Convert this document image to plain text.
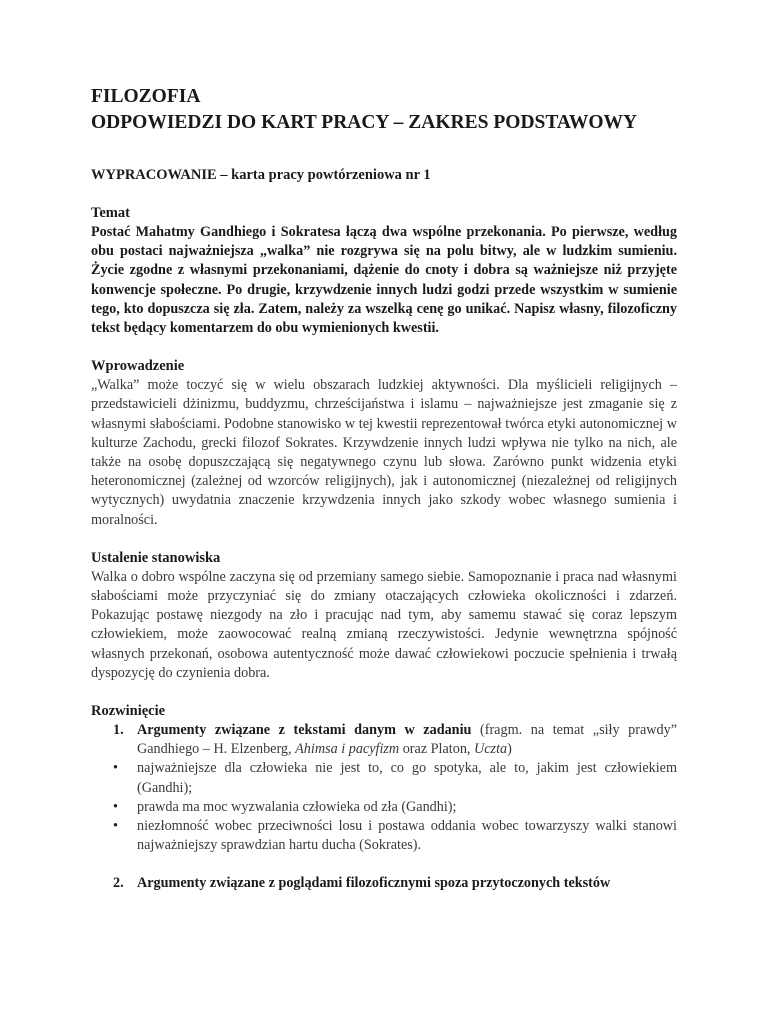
FILOZOFIA
ODPOWIEDZI DO KART PRACY – ZAKRES PODSTAWOWY
WYPRACOWANIE – karta pracy powtórzeniowa nr 1
Temat

Postać Mahatmy Gandhiego i Sokratesa łączą dwa wspólne przekonania. Po pierwsze, według obu postaci najważniejsza „walka” nie rozgrywa się na polu bitwy, ale w ludzkim sumieniu. Życie zgodne z własnymi przekonaniami, dążenie do cnoty i dobra są ważniejsze niż przyjęte konwencje społeczne. Po drugie, krzywdzenie innych ludzi godzi przede wszystkim w sumienie tego, kto dopuszcza się zła. Zatem, należy za wszelką cenę go unikać. Napisz własny, filozoficzny tekst będący komentarzem do obu wymienionych kwestii.

Wprowadzenie

„Walka” może toczyć się w wielu obszarach ludzkiej aktywności. Dla myślicieli religijnych – przedstawicieli dżinizmu, buddyzmu, chrześcijaństwa i islamu – najważniejsze jest zmaganie się z własnymi słabościami. Podobne stanowisko w tej kwestii reprezentował twórca etyki autonomicznej w kulturze Zachodu, grecki filozof Sokrates. Krzywdzenie innych ludzi wpływa nie tylko na nich, ale także na osobę dopuszczającą się negatywnego czynu lub słowa. Zarówno punkt widzenia etyki heteronomicznej (zależnej od wzorców religijnych), jak i autonomicznej (niezależnej od religijnych wytycznych) uwydatnia znaczenie krzywdzenia innych jako szkody wobec własnego sumienia i moralności.

Ustalenie stanowiska

Walka o dobro wspólne zaczyna się od przemiany samego siebie. Samopoznanie i praca nad własnymi słabościami może przyczyniać się do zmiany otaczających człowieka okoliczności i zdarzeń. Pokazując postawę niezgody na zło i pracując nad tym, aby samemu stawać się coraz lepszym człowiekiem, może zaowocować realną zmianą rzeczywistości. Jedynie wewnętrzna spójność własnych przekonań, osobowa autentyczność może dawać człowiekowi poczucie spełnienia i trwałą dyspozycję do czynienia dobra.

Rozwinięcie
1. Argumenty związane z tekstami danym w zadaniu (fragm. na temat „siły prawdy” Gandhiego – H. Elzenberg, Ahimsa i pacyfizm oraz Platon, Uczta)
•	najważniejsze dla człowieka nie jest to, co go spotyka, ale to, jakim jest człowiekiem (Gandhi);
•	prawda ma moc wyzwalania człowieka od zła (Gandhi);
•	niezłomność wobec przeciwności losu i postawa oddania wobec towarzyszy walki stanowi najważniejszy sprawdzian hartu ducha (Sokrates).
2. Argumenty związane z poglądami filozoficznymi spoza przytoczonych tekstów
